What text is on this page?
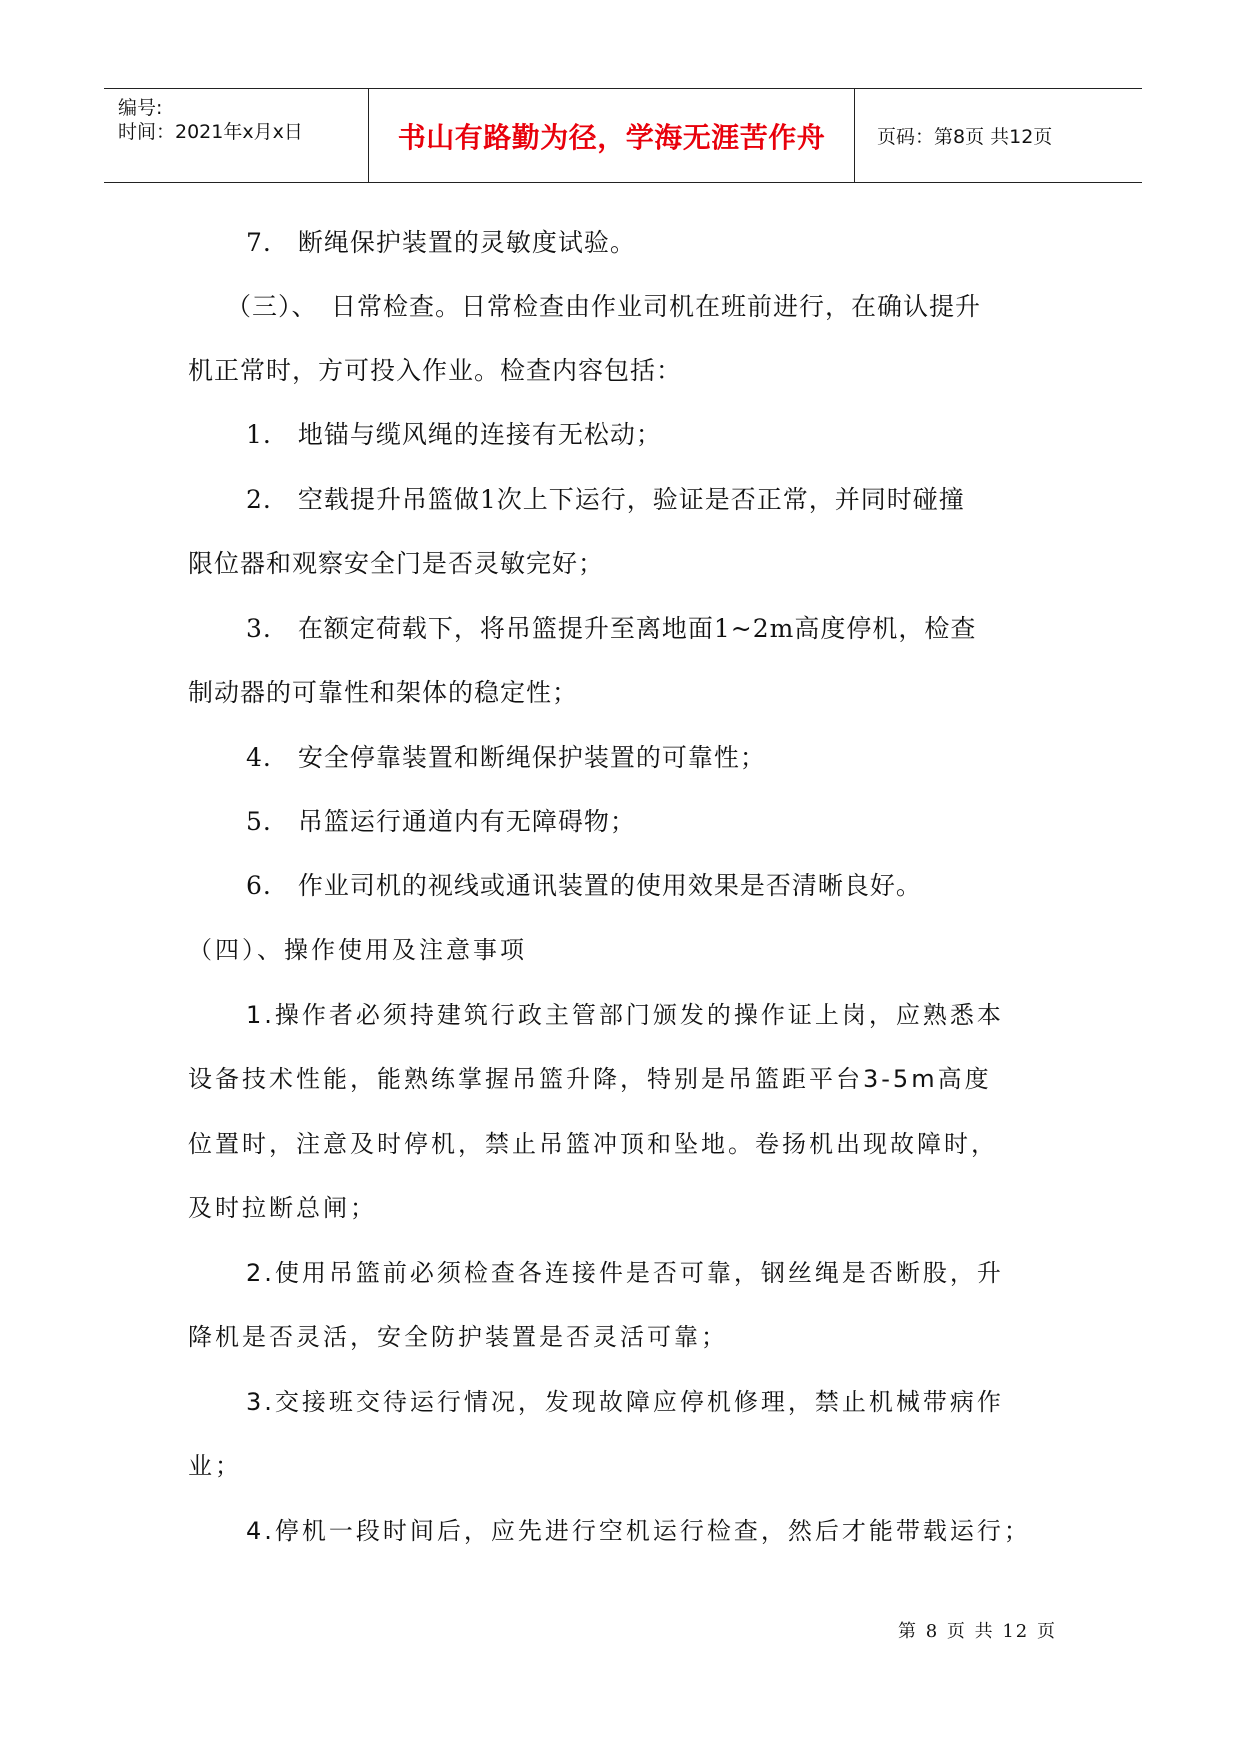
编号:
时间：2021年x月x日	书山有路勤为径，学海无涯苦作舟	页码：第8页 共12页
7.　断绳保护装置的灵敏度试验。
（三）、　日常检查。日常检查由作业司机在班前进行，在确认提升
机正常时，方可投入作业。检查内容包括：
1.　地锚与缆风绳的连接有无松动；
2.　空载提升吊篮做1次上下运行，验证是否正常，并同时碰撞
限位器和观察安全门是否灵敏完好；
3.　在额定荷载下，将吊篮提升至离地面1~2m高度停机，检查
制动器的可靠性和架体的稳定性；
4.　安全停靠装置和断绳保护装置的可靠性；
5.　吊篮运行通道内有无障碍物；
6.　作业司机的视线或通讯装置的使用效果是否清晰良好。
（四）、操作使用及注意事项
1.操作者必须持建筑行政主管部门颁发的操作证上岗，应熟悉本
设备技术性能，能熟练掌握吊篮升降，特别是吊篮距平台3-5m高度
位置时，注意及时停机，禁止吊篮冲顶和坠地。卷扬机出现故障时，
及时拉断总闸；
2.使用吊篮前必须检查各连接件是否可靠，钢丝绳是否断股，升
降机是否灵活，安全防护装置是否灵活可靠；
3.交接班交待运行情况，发现故障应停机修理，禁止机械带病作
业；
4.停机一段时间后，应先进行空机运行检查，然后才能带载运行；
第 8 页 共 12 页
